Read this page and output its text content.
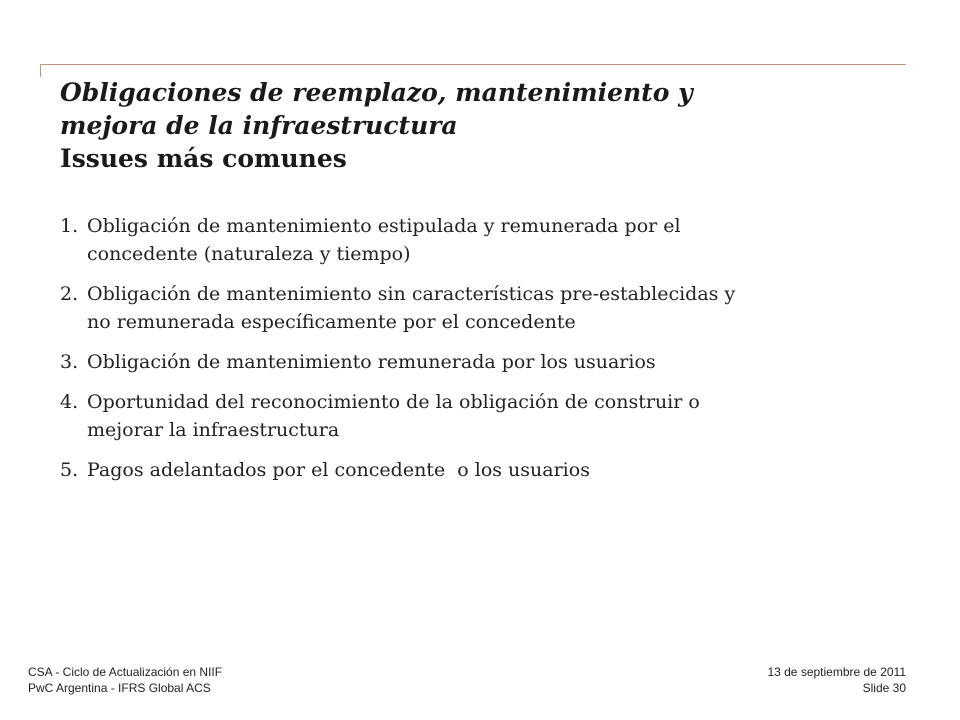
Obligaciones de reemplazo, mantenimiento y
mejora de la infraestructura
Issues más comunes
1. Obligación de mantenimiento estipulada y remunerada por el
concedente (naturaleza y tiempo)
2. Obligación de mantenimiento sin características pre-establecidas y
no remunerada específicamente por el concedente
3. Obligación de mantenimiento remunerada por los usuarios
4. Oportunidad del reconocimiento de la obligación de construir o
mejorar la infraestructura
5. Pagos adelantados por el concedente  o los usuarios
CSA - Ciclo de Actualización en NIIF
PwC Argentina - IFRS Global ACS
13 de septiembre de 2011
Slide 30
